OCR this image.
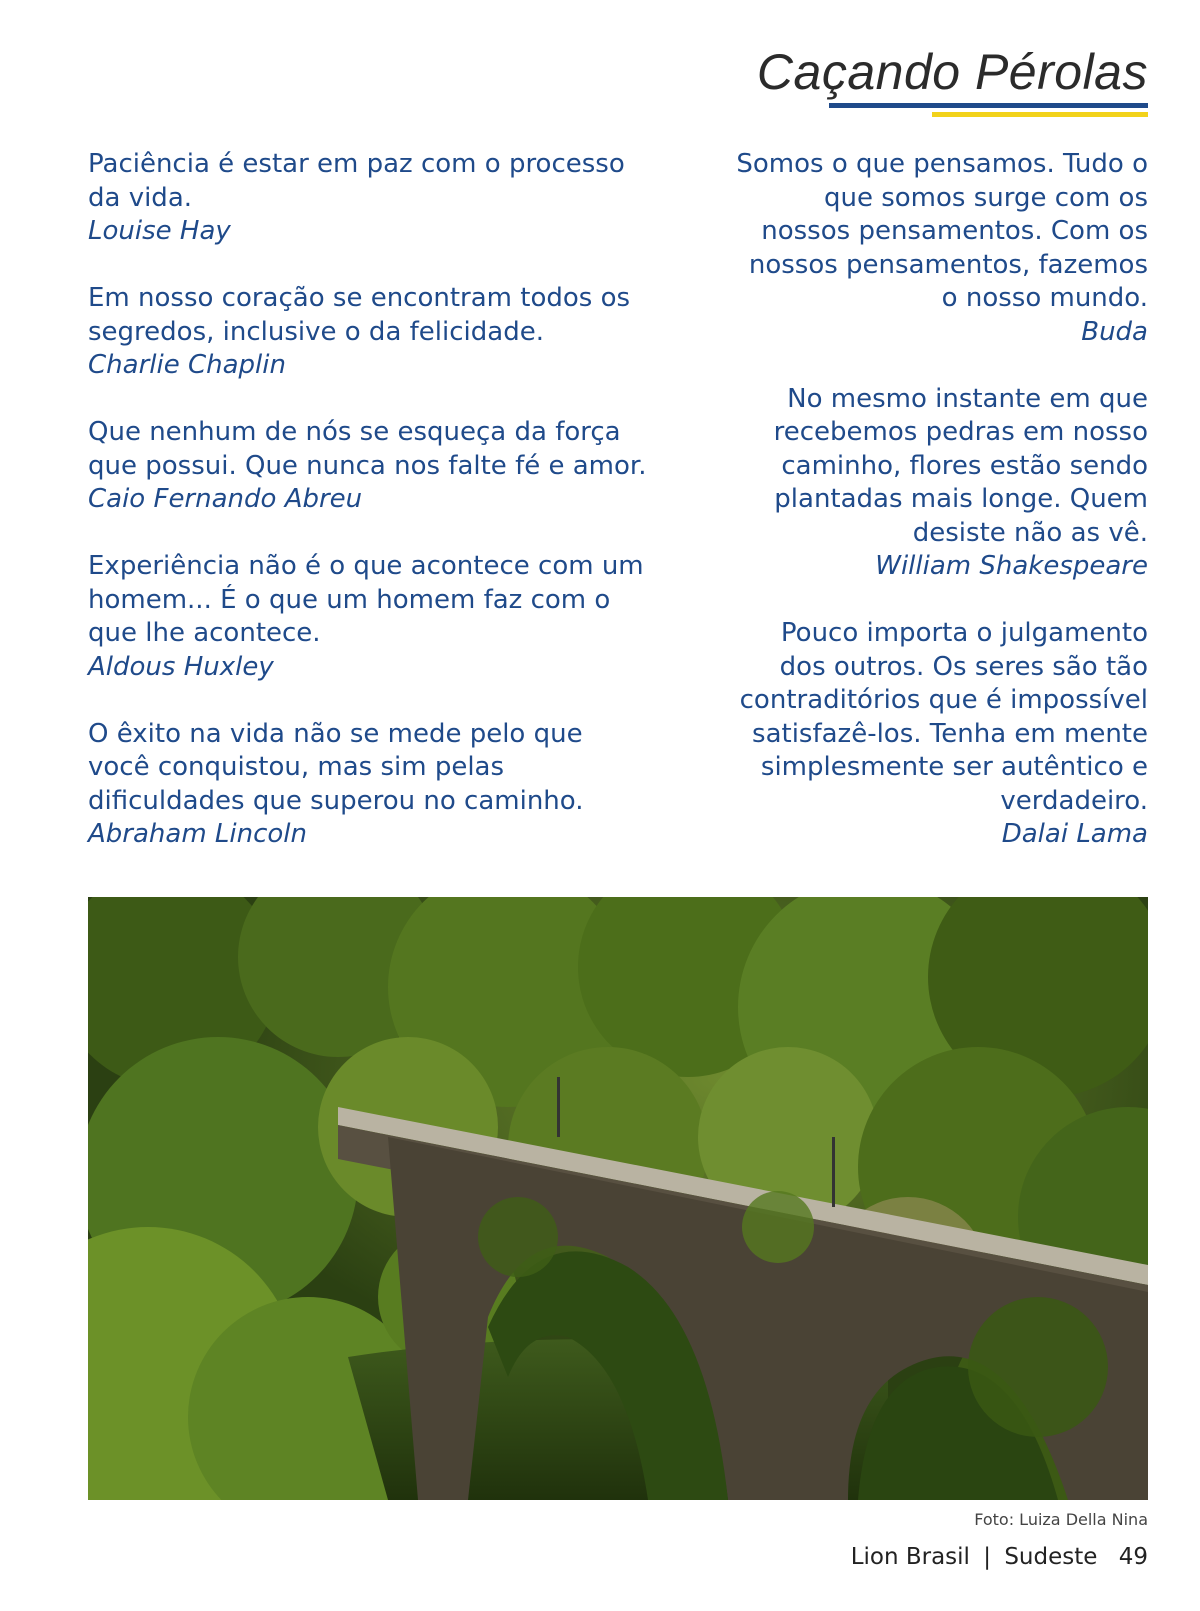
Caçando Pérolas
Paciência é estar em paz com o processo da vida.
Louise Hay
Em nosso coração se encontram todos os segredos, inclusive o da felicidade.
Charlie Chaplin
Que nenhum de nós se esqueça da força que possui. Que nunca nos falte fé e amor.
Caio Fernando Abreu
Experiência não é o que acontece com um homem... É o que um homem faz com o que lhe acontece.
Aldous Huxley
O êxito na vida não se mede pelo que você conquistou, mas sim pelas dificuldades que superou no caminho.
Abraham Lincoln
Somos o que pensamos. Tudo o que somos surge com os nossos pensamentos. Com os nossos pensamentos, fazemos o nosso mundo.
Buda
No mesmo instante em que recebemos pedras em nosso caminho, flores estão sendo plantadas mais longe. Quem desiste não as vê.
William Shakespeare
Pouco importa o julgamento dos outros. Os seres são tão contraditórios que é impossível satisfazê-los. Tenha em mente simplesmente ser autêntico e verdadeiro.
Dalai Lama
Foto: Luiza Della Nina
Lion Brasil | Sudeste 49
